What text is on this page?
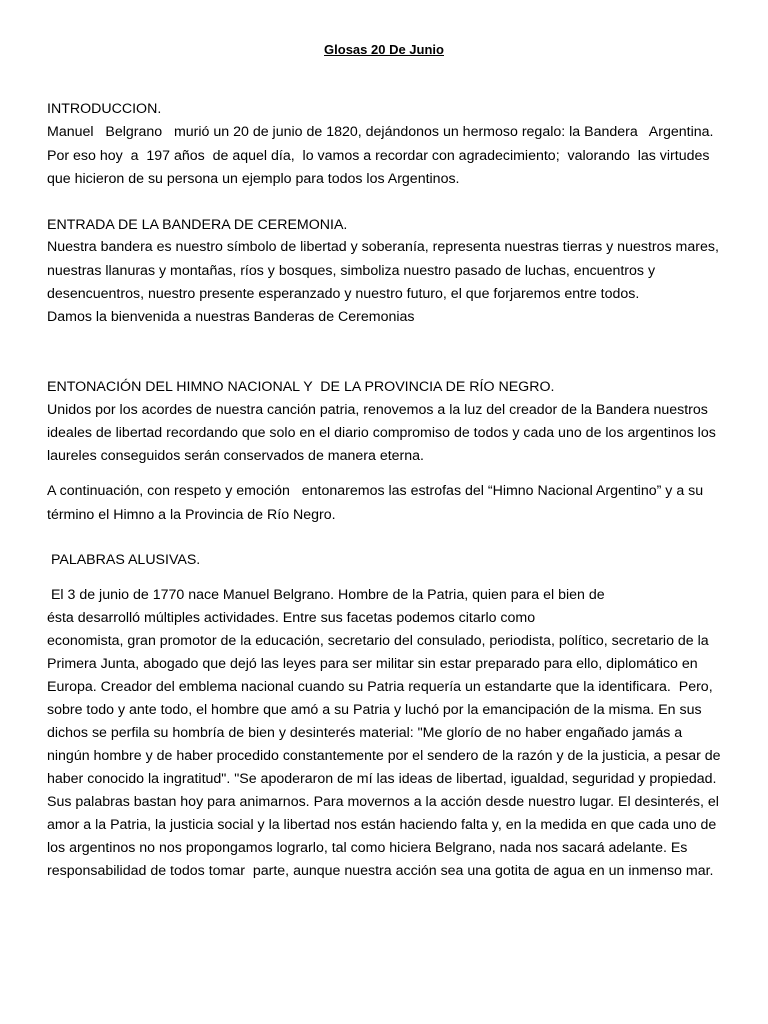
Glosas 20 De Junio
INTRODUCCION.
Manuel   Belgrano   murió un 20 de junio de 1820, dejándonos un hermoso regalo: la Bandera   Argentina.
Por eso hoy  a  197 años  de aquel día,  lo vamos a recordar con agradecimiento;  valorando  las virtudes
que hicieron de su persona un ejemplo para todos los Argentinos.
ENTRADA DE LA BANDERA DE CEREMONIA.
Nuestra bandera es nuestro símbolo de libertad y soberanía, representa nuestras tierras y nuestros mares,
nuestras llanuras y montañas, ríos y bosques, simboliza nuestro pasado de luchas, encuentros y
desencuentros, nuestro presente esperanzado y nuestro futuro, el que forjaremos entre todos.
Damos la bienvenida a nuestras Banderas de Ceremonias
ENTONACIÓN DEL HIMNO NACIONAL Y  DE LA PROVINCIA DE RÍO NEGRO.
Unidos por los acordes de nuestra canción patria, renovemos a la luz del creador de la Bandera nuestros
ideales de libertad recordando que solo en el diario compromiso de todos y cada uno de los argentinos los
laureles conseguidos serán conservados de manera eterna.
A continuación, con respeto y emoción   entonaremos las estrofas del “Himno Nacional Argentino” y a su
término el Himno a la Provincia de Río Negro.
PALABRAS ALUSIVAS.
El 3 de junio de 1770 nace Manuel Belgrano. Hombre de la Patria, quien para el bien de
ésta desarrolló múltiples actividades. Entre sus facetas podemos citarlo como
economista, gran promotor de la educación, secretario del consulado, periodista, político, secretario de la
Primera Junta, abogado que dejó las leyes para ser militar sin estar preparado para ello, diplomático en
Europa. Creador del emblema nacional cuando su Patria requería un estandarte que la identificara.  Pero,
sobre todo y ante todo, el hombre que amó a su Patria y luchó por la emancipación de la misma. En sus
dichos se perfila su hombría de bien y desinterés material: "Me glorío de no haber engañado jamás a
ningún hombre y de haber procedido constantemente por el sendero de la razón y de la justicia, a pesar de
haber conocido la ingratitud". "Se apoderaron de mí las ideas de libertad, igualdad, seguridad y propiedad.
Sus palabras bastan hoy para animarnos. Para movernos a la acción desde nuestro lugar. El desinterés, el
amor a la Patria, la justicia social y la libertad nos están haciendo falta y, en la medida en que cada uno de
los argentinos no nos propongamos lograrlo, tal como hiciera Belgrano, nada nos sacará adelante. Es
responsabilidad de todos tomar  parte, aunque nuestra acción sea una gotita de agua en un inmenso mar.
